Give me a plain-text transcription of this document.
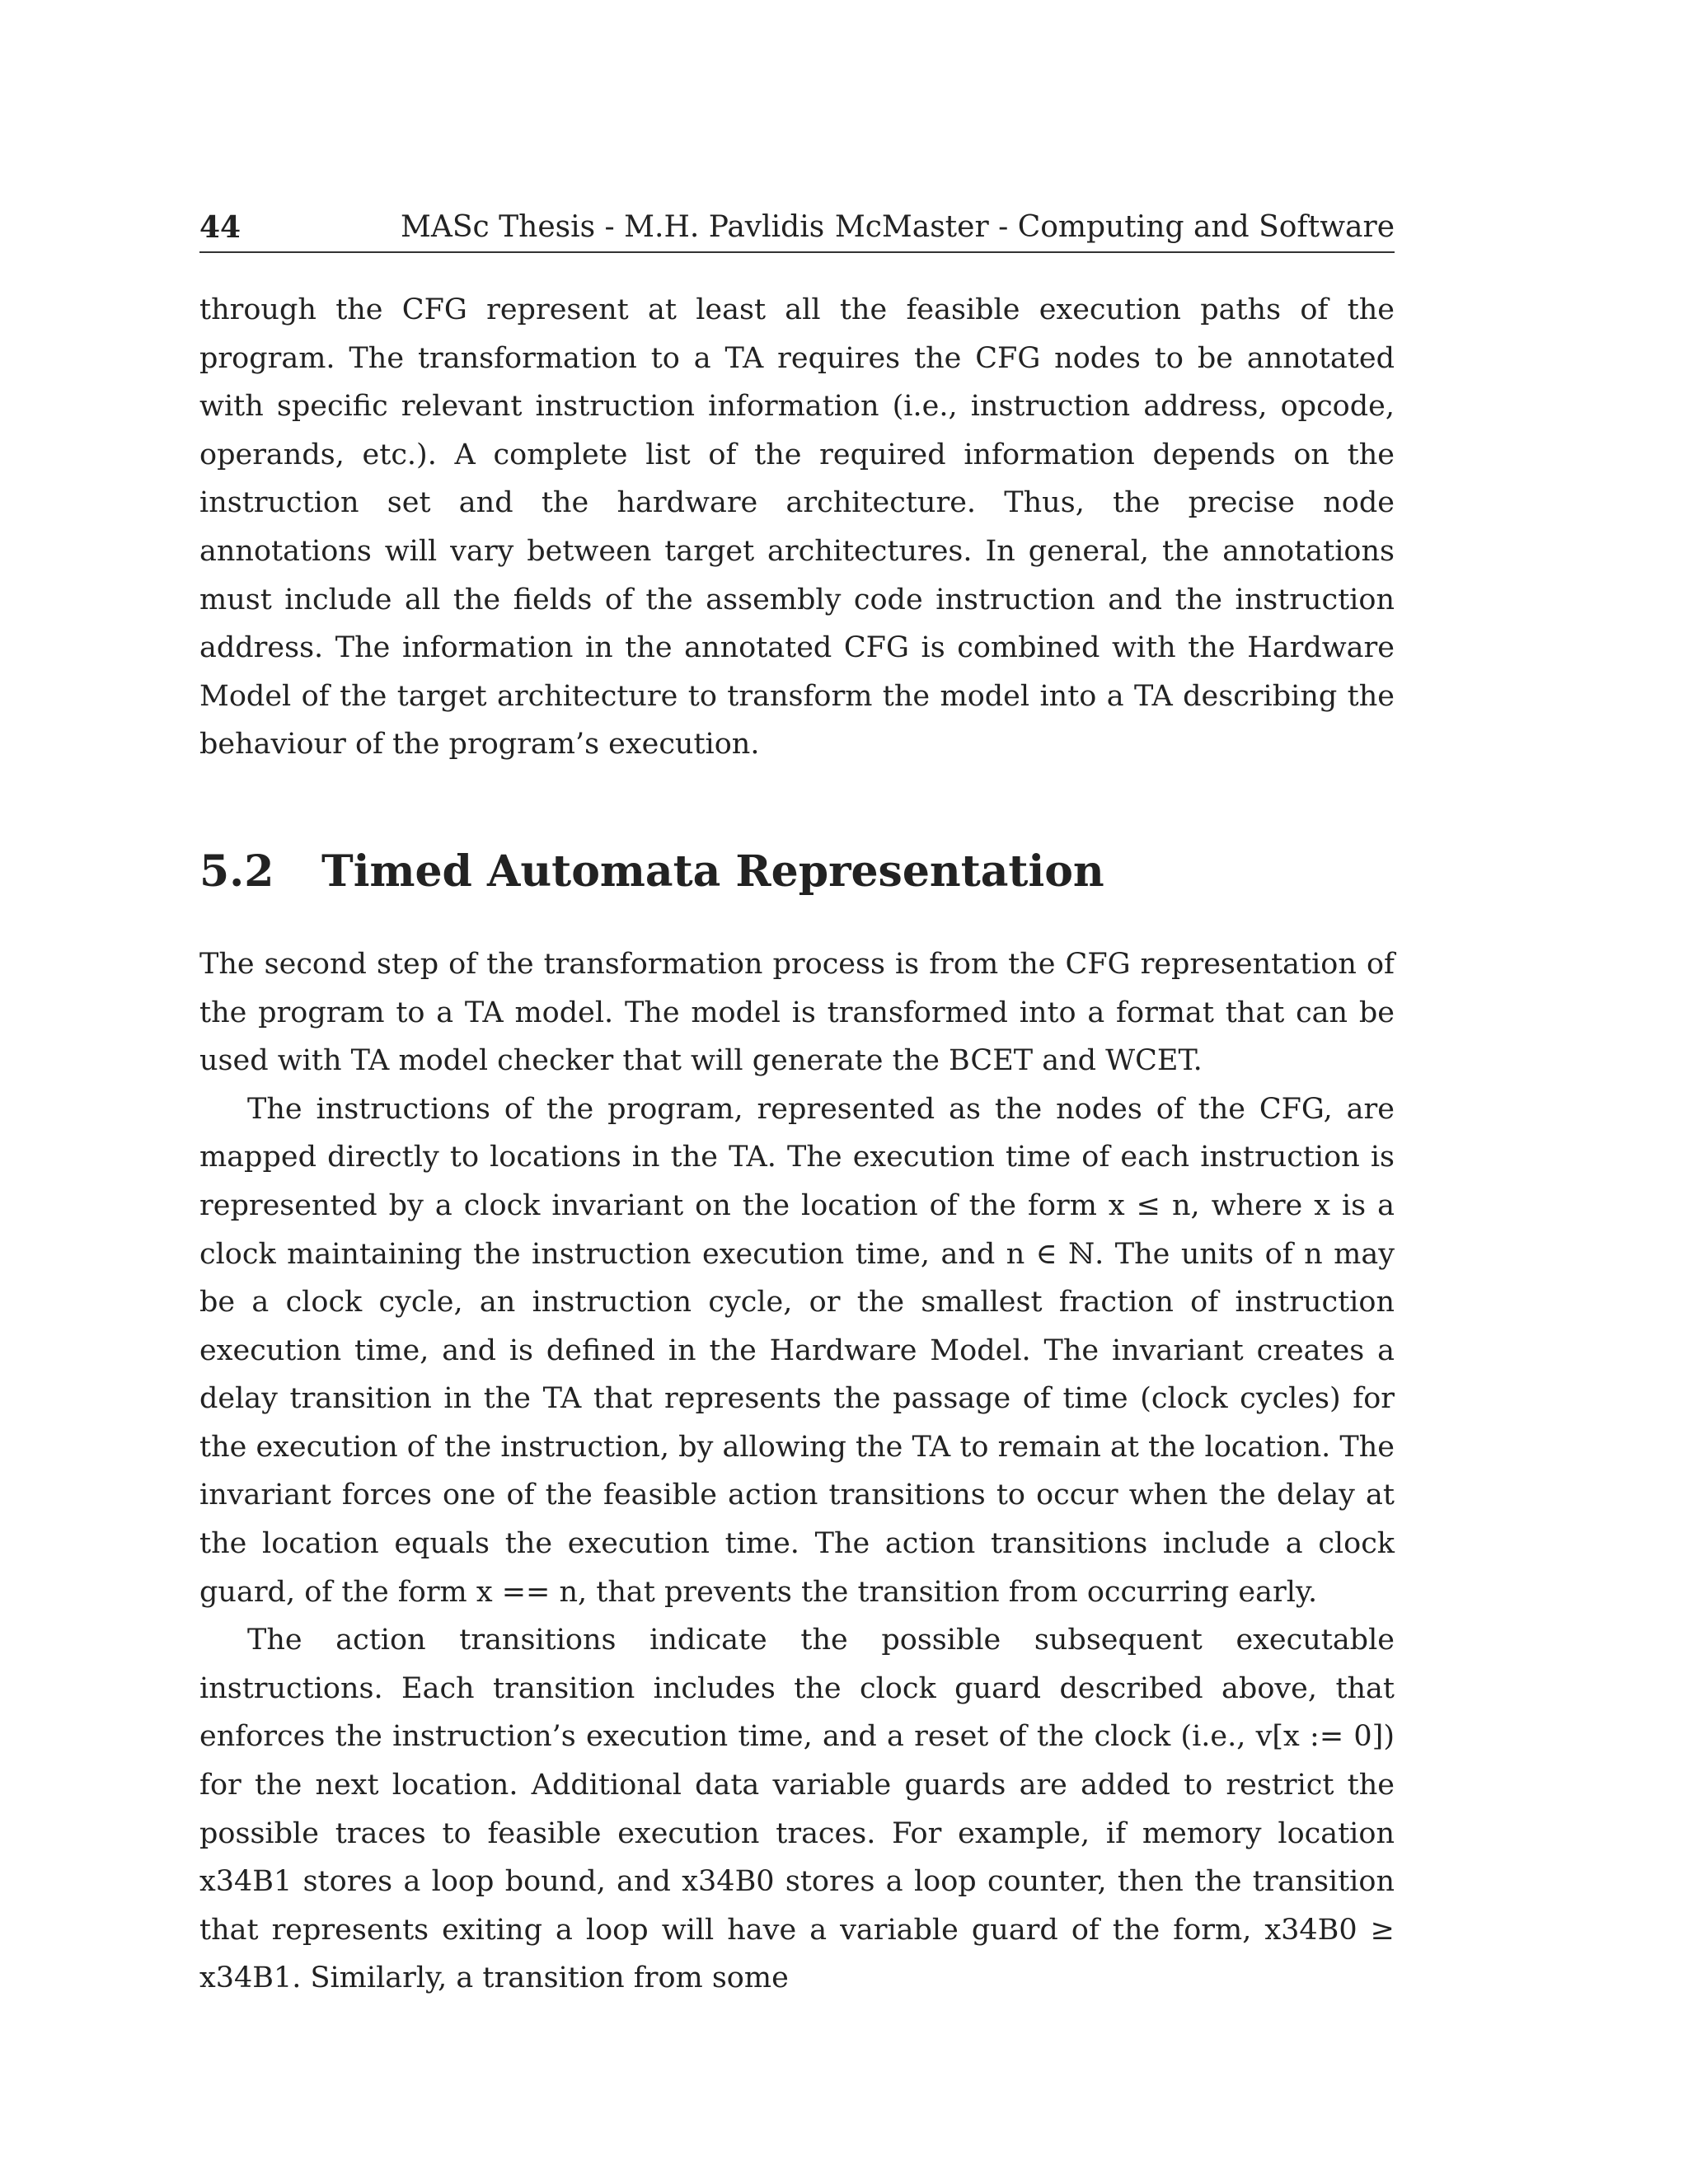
44	MASc Thesis - M.H. Pavlidis McMaster - Computing and Software

through the CFG represent at least all the feasible execution paths of the program. The transformation to a TA requires the CFG nodes to be annotated with specific relevant instruction information (i.e., instruction address, opcode, operands, etc.). A complete list of the required information depends on the instruction set and the hardware architecture. Thus, the precise node annotations will vary between target architectures. In general, the annotations must include all the fields of the assembly code instruction and the instruction address. The information in the annotated CFG is combined with the Hardware Model of the target architecture to transform the model into a TA describing the behaviour of the program’s execution.

5.2 Timed Automata Representation

The second step of the transformation process is from the CFG representation of the program to a TA model. The model is transformed into a format that can be used with TA model checker that will generate the BCET and WCET.

The instructions of the program, represented as the nodes of the CFG, are mapped directly to locations in the TA. The execution time of each instruction is represented by a clock invariant on the location of the form x ≤ n, where x is a clock maintaining the instruction execution time, and n ∈ ℕ. The units of n may be a clock cycle, an instruction cycle, or the smallest fraction of instruction execution time, and is defined in the Hardware Model. The invariant creates a delay transition in the TA that represents the passage of time (clock cycles) for the execution of the instruction, by allowing the TA to remain at the location. The invariant forces one of the feasible action transitions to occur when the delay at the location equals the execution time. The action transitions include a clock guard, of the form x == n, that prevents the transition from occurring early.

The action transitions indicate the possible subsequent executable instructions. Each transition includes the clock guard described above, that enforces the instruction’s execution time, and a reset of the clock (i.e., v[x := 0]) for the next location. Additional data variable guards are added to restrict the possible traces to feasible execution traces. For example, if memory location x34B1 stores a loop bound, and x34B0 stores a loop counter, then the transition that represents exiting a loop will have a variable guard of the form, x34B0 ≥ x34B1. Similarly, a transition from some
